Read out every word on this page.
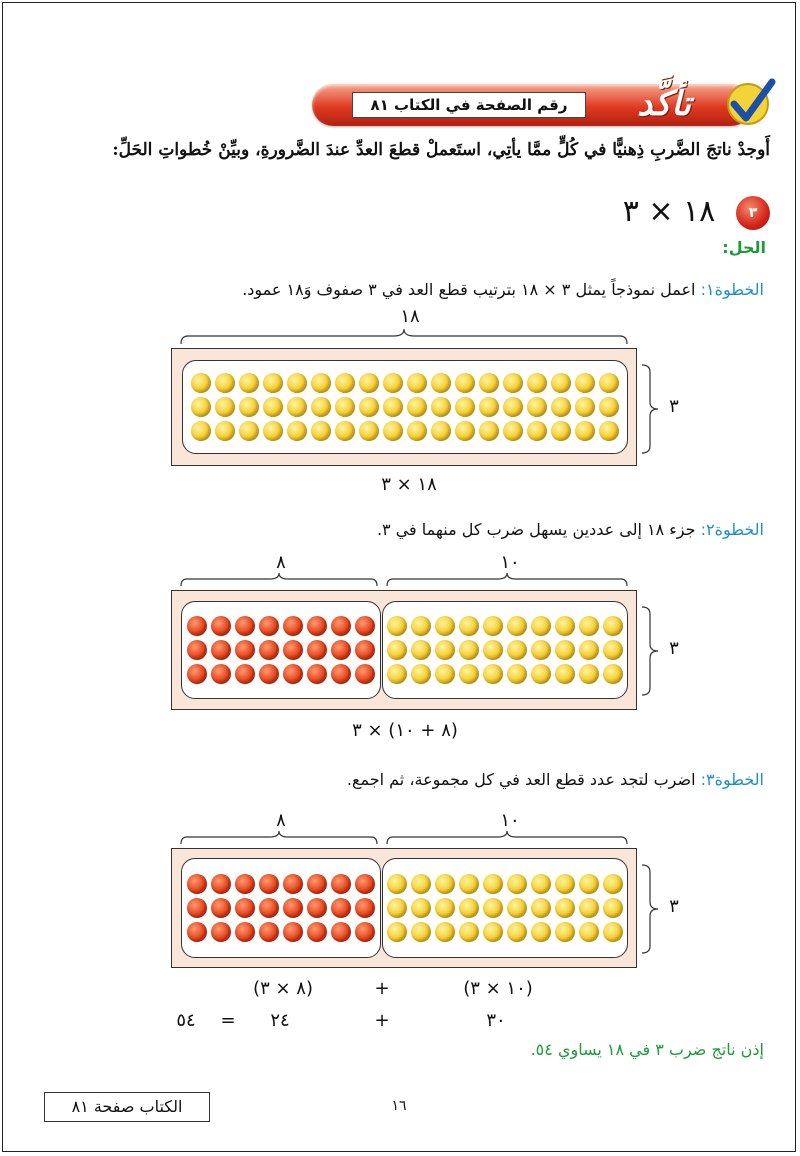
رقم الصفحة في الكتاب ٨١	تأكَّد
أَوجدْ ناتجَ الضَّربِ ذِهنيًّا في كُلٍّ ممَّا يأتِي، استَعملْ قطعَ العدِّ عندَ الضَّرورةِ، وبيِّنْ خُطواتِ الحَلِّ:
٣
١٨ × ٣
الحل:
الخطوة١: اعمل نموذجاً يمثل ٣ × ١٨ بترتيب قطع العد في ٣ صفوف وَ١٨ عمود.
١٨
٣
١٨ × ٣
الخطوة٢: جزء ١٨ إلى عددين يسهل ضرب كل منهما في ٣.
٨	١٠
٣
(٨ + ١٠) × ٣
الخطوة٣: اضرب لتجد عدد قطع العد في كل مجموعة، ثم اجمع.
٨	١٠
٣
(٨ × ٣)	+	(١٠ × ٣)
٥٤	=	٢٤	+	٣٠
إذن ناتج ضرب ٣ في ١٨ يساوي ٥٤.
الكتاب صفحة ٨١	١٦
